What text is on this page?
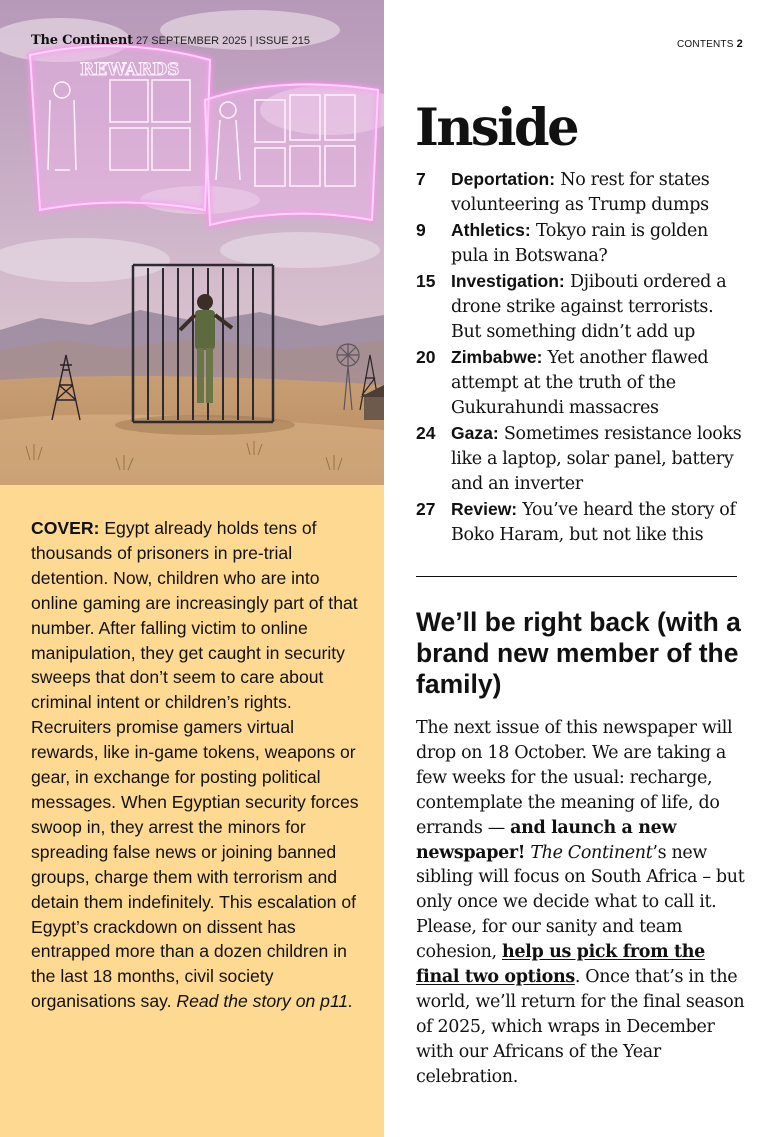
REWARDS
The Continent 27 SEPTEMBER 2025 | ISSUE 215
COVER: Egypt already holds tens of thousands of prisoners in pre-trial detention. Now, children who are into online gaming are increasingly part of that number. After falling victim to online manipulation, they get caught in security sweeps that don’t seem to care about criminal intent or children’s rights. Recruiters promise gamers virtual rewards, like in-game tokens, weapons or gear, in exchange for posting political messages. When Egyptian security forces swoop in, they arrest the minors for spreading false news or joining banned groups, charge them with terrorism and detain them indefinitely. This escalation of Egypt’s crackdown on dissent has entrapped more than a dozen children in the last 18 months, civil society organisations say. Read the story on p11.
CONTENTS 2
Inside
7 Deportation: No rest for states volunteering as Trump dumps
9 Athletics: Tokyo rain is golden pula in Botswana?
15 Investigation: Djibouti ordered a drone strike against terrorists. But something didn’t add up
20 Zimbabwe: Yet another flawed attempt at the truth of the Gukurahundi massacres
24 Gaza: Sometimes resistance looks like a laptop, solar panel, battery and an inverter
27 Review: You’ve heard the story of Boko Haram, but not like this
We’ll be right back (with a brand new member of the family)
The next issue of this newspaper will drop on 18 October. We are taking a few weeks for the usual: recharge, contemplate the meaning of life, do errands — and launch a new newspaper! The Continent’s new sibling will focus on South Africa – but only once we decide what to call it. Please, for our sanity and team cohesion, help us pick from the final two options. Once that’s in the world, we’ll return for the final season of 2025, which wraps in December with our Africans of the Year celebration.
